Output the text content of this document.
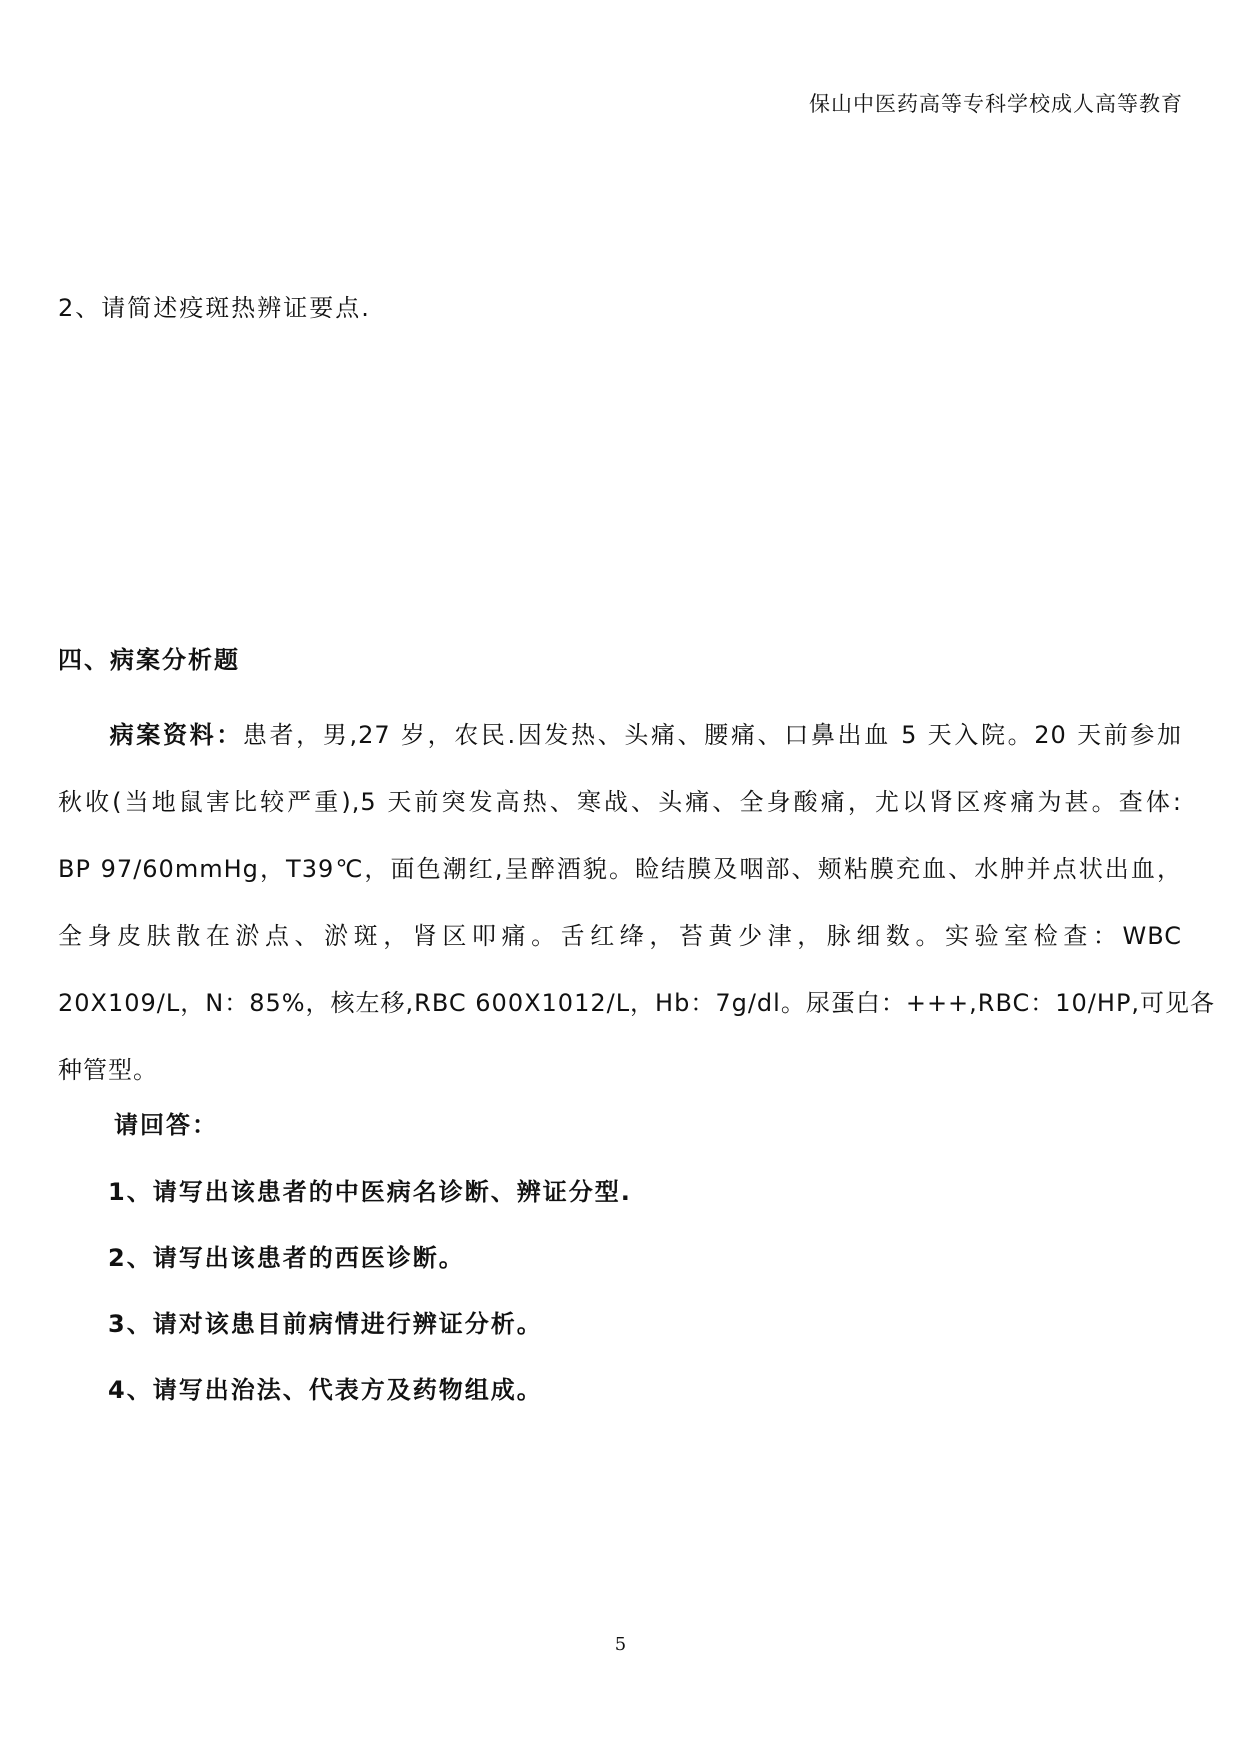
保山中医药高等专科学校成人高等教育
2、请简述疫斑热辨证要点.
四、病案分析题
病案资料：患者，男,27 岁，农民.因发热、头痛、腰痛、口鼻出血 5 天入院。20 天前参加
秋收(当地鼠害比较严重),5 天前突发高热、寒战、头痛、全身酸痛，尤以肾区疼痛为甚。查体:
BP 97/60mmHg，T39℃，面色潮红,呈醉酒貌。睑结膜及咽部、颊粘膜充血、水肿并点状出血，
全身皮肤散在淤点、淤斑，肾区叩痛。舌红绛，苔黄少津，脉细数。实验室检查：WBC
20X109/L，N：85%，核左移,RBC 600X1012/L，Hb：7g/dl。尿蛋白：+++,RBC：10/HP,可见各
种管型。
请回答：
1、请写出该患者的中医病名诊断、辨证分型.
2、请写出该患者的西医诊断。
3、请对该患目前病情进行辨证分析。
4、请写出治法、代表方及药物组成。
5
